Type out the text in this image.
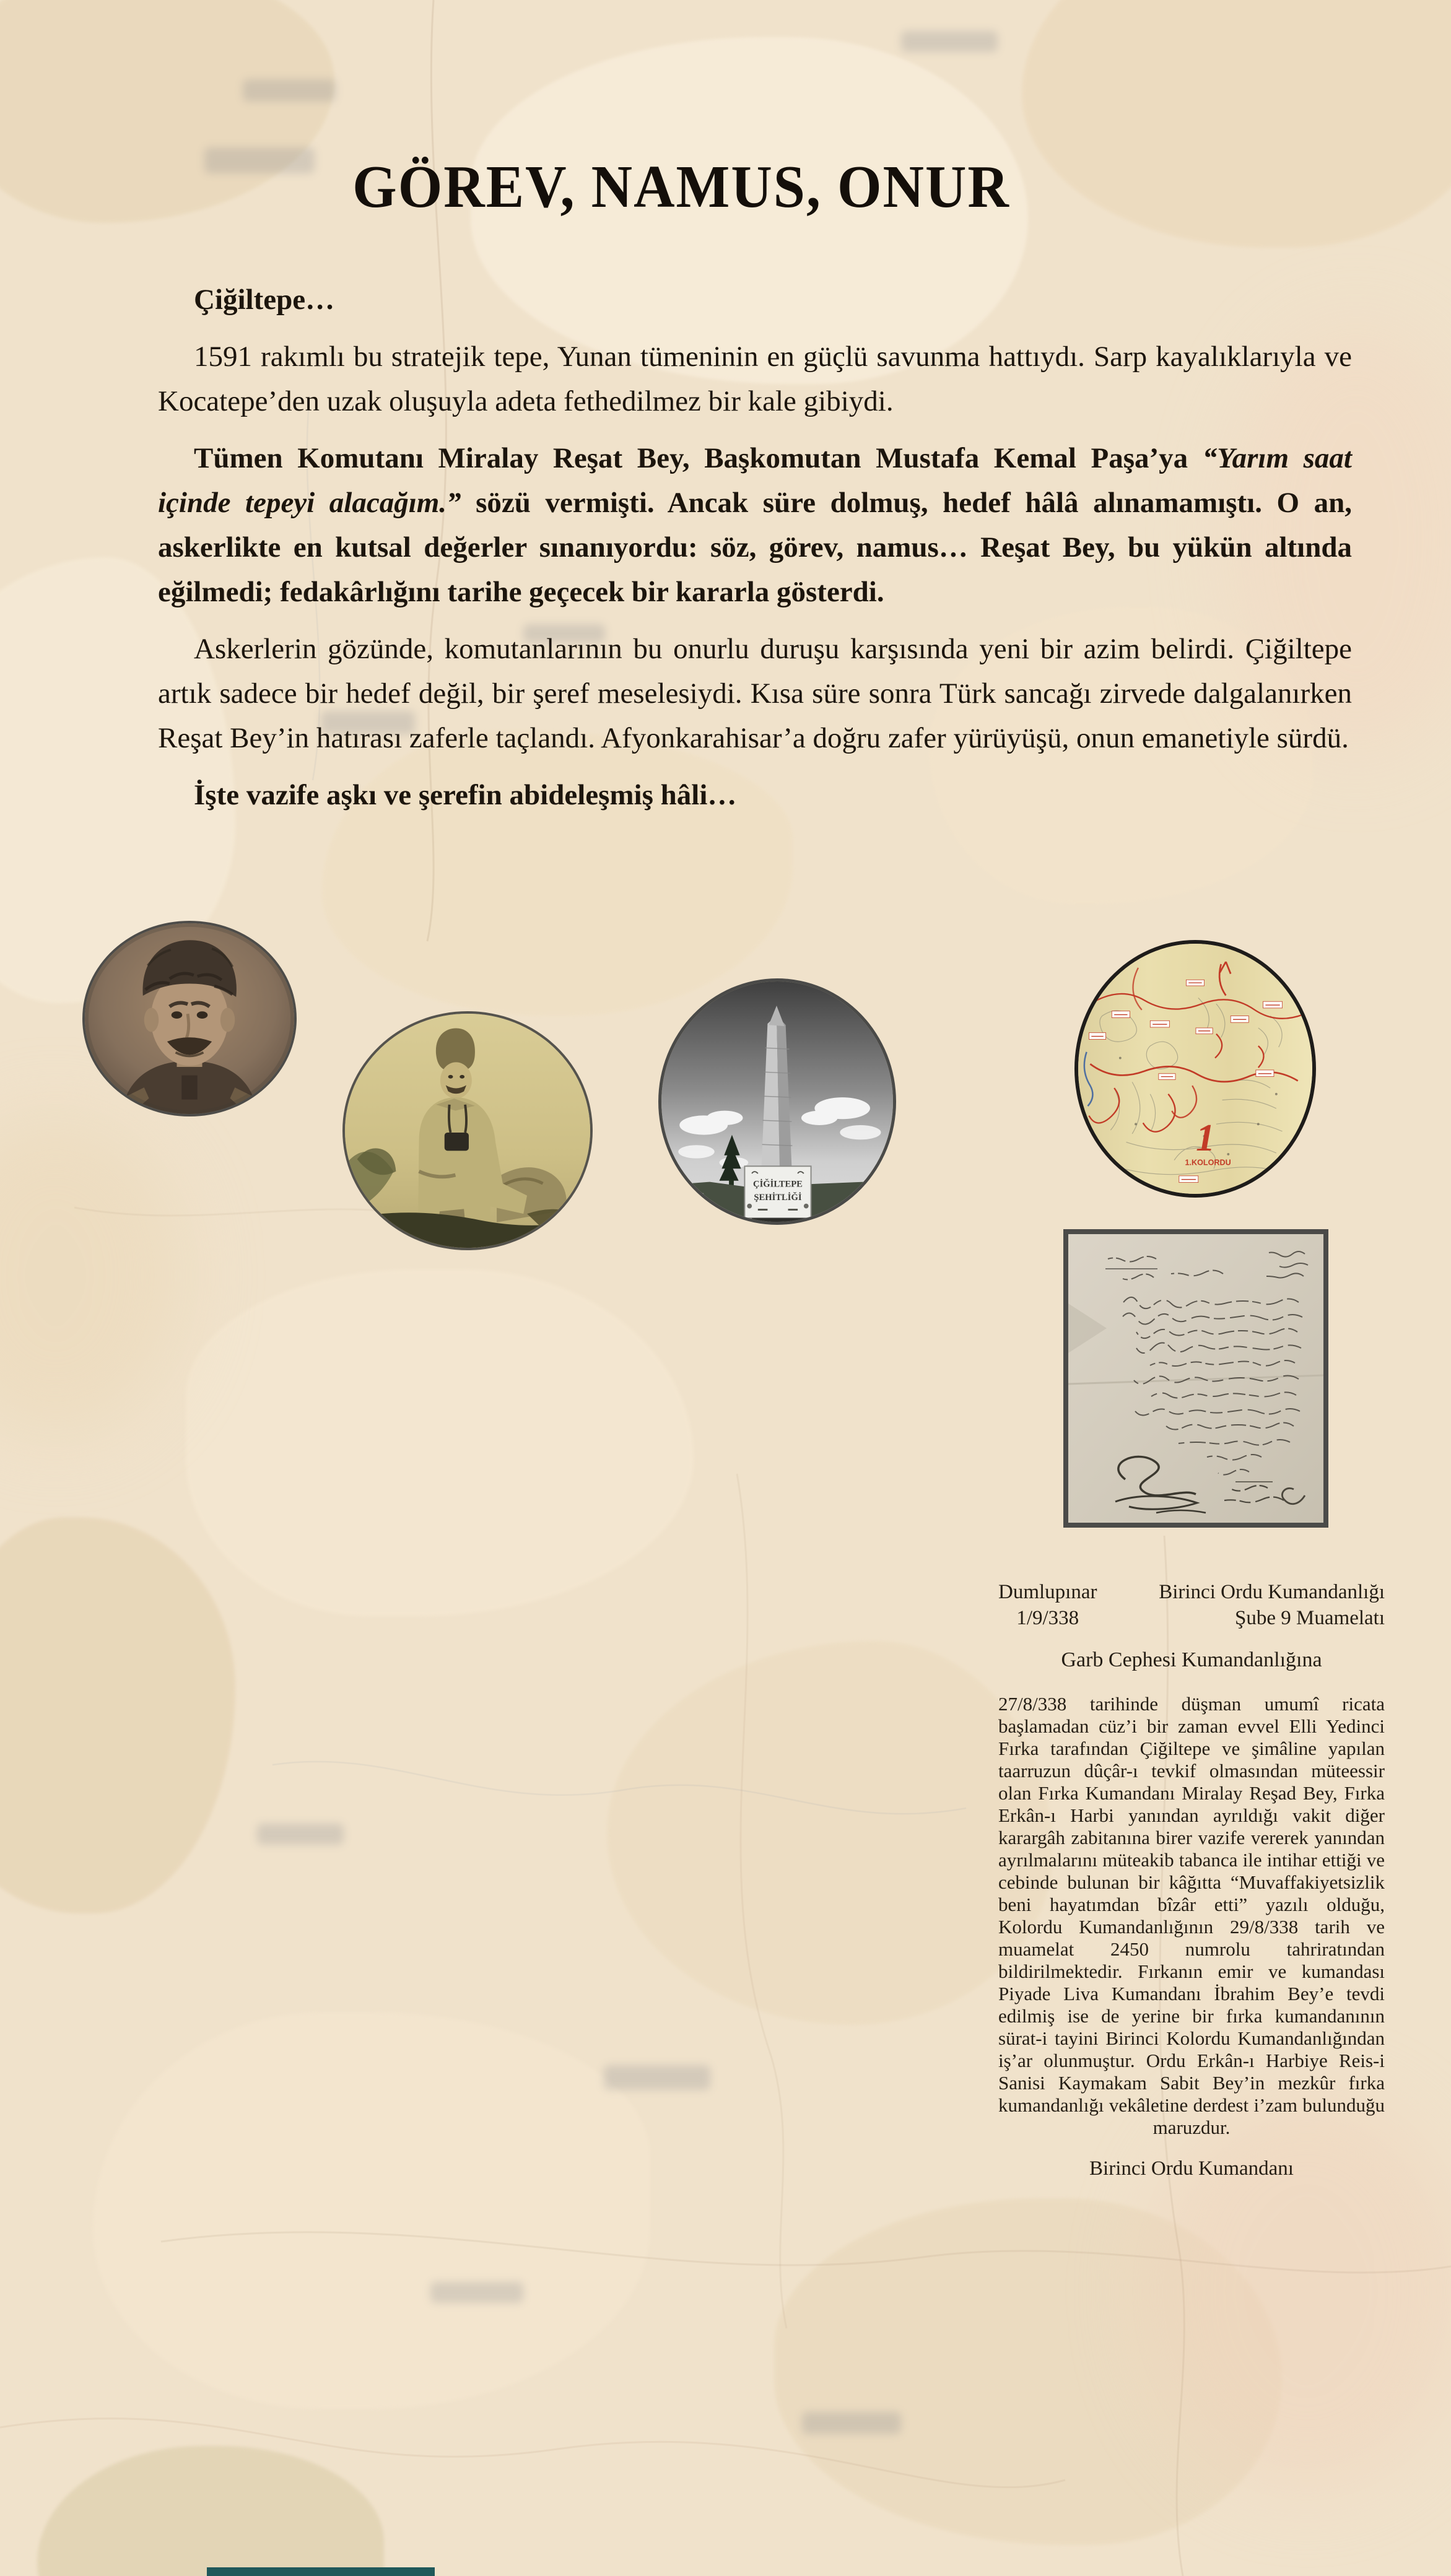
GÖREV, NAMUS, ONUR

Çiğiltepe…

1591 rakımlı bu stratejik tepe, Yunan tümeninin en güçlü savunma hattıydı. Sarp kayalıklarıyla ve Kocatepe’den uzak oluşuyla adeta fethedilmez bir kale gibiydi.

Tümen Komutanı Miralay Reşat Bey, Başkomutan Mustafa Kemal Paşa’ya “Yarım saat içinde tepeyi alacağım.” sözü vermişti. Ancak süre dolmuş, hedef hâlâ alınamamıştı. O an, askerlikte en kutsal değerler sınanıyordu: söz, görev, namus… Reşat Bey, bu yükün altında eğilmedi; fedakârlığını tarihe geçecek bir kararla gösterdi.

Askerlerin gözünde, komutanlarının bu onurlu duruşu karşısında yeni bir azim belirdi. Çiğiltepe artık sadece bir hedef değil, bir şeref meselesiydi. Kısa süre sonra Türk sancağı zirvede dalgalanırken Reşat Bey’in hatırası zaferle taçlandı. Afyonkarahisar’a doğru zafer yürüyüşü, onun emanetiyle sürdü.

İşte vazife aşkı ve şerefin abideleşmiş hâli…

ÇİĞİLTEPE
ŞEHİTLİĞİ
1
1.KOLORDU
Dumlupınar
1/9/338
Birinci Ordu Kumandanlığı
Şube 9 Muamelatı
Garb Cephesi Kumandanlığına
27/8/338 tarihinde düşman umumî ricata başlamadan cüz’i bir zaman evvel Elli Yedinci Fırka tarafından Çiğiltepe ve şimâline yapılan taarruzun dûçâr-ı tevkif olmasından müteessir olan Fırka Kumandanı Miralay Reşad Bey, Fırka Erkân-ı Harbi yanından ayrıldığı vakit diğer karargâh zabitanına birer vazife vererek yanından ayrılmalarını müteakib tabanca ile intihar ettiği ve cebinde bulunan bir kâğıtta “Muvaffakiyetsizlik beni hayatımdan bîzâr etti” yazılı olduğu, Kolordu Kumandanlığının 29/8/338 tarih ve muamelat 2450 numrolu tahriratından bildirilmektedir. Fırkanın emir ve kumandası Piyade Liva Kumandanı İbrahim Bey’e tevdi edilmiş ise de yerine bir fırka kumandanının sürat-i tayini Birinci Kolordu Kumandanlığından iş’ar olunmuştur. Ordu Erkân-ı Harbiye Reis-i Sanisi Kaymakam Sabit Bey’in mezkûr fırka kumandanlığı vekâletine derdest i’zam bulunduğu maruzdur.
Birinci Ordu Kumandanı
